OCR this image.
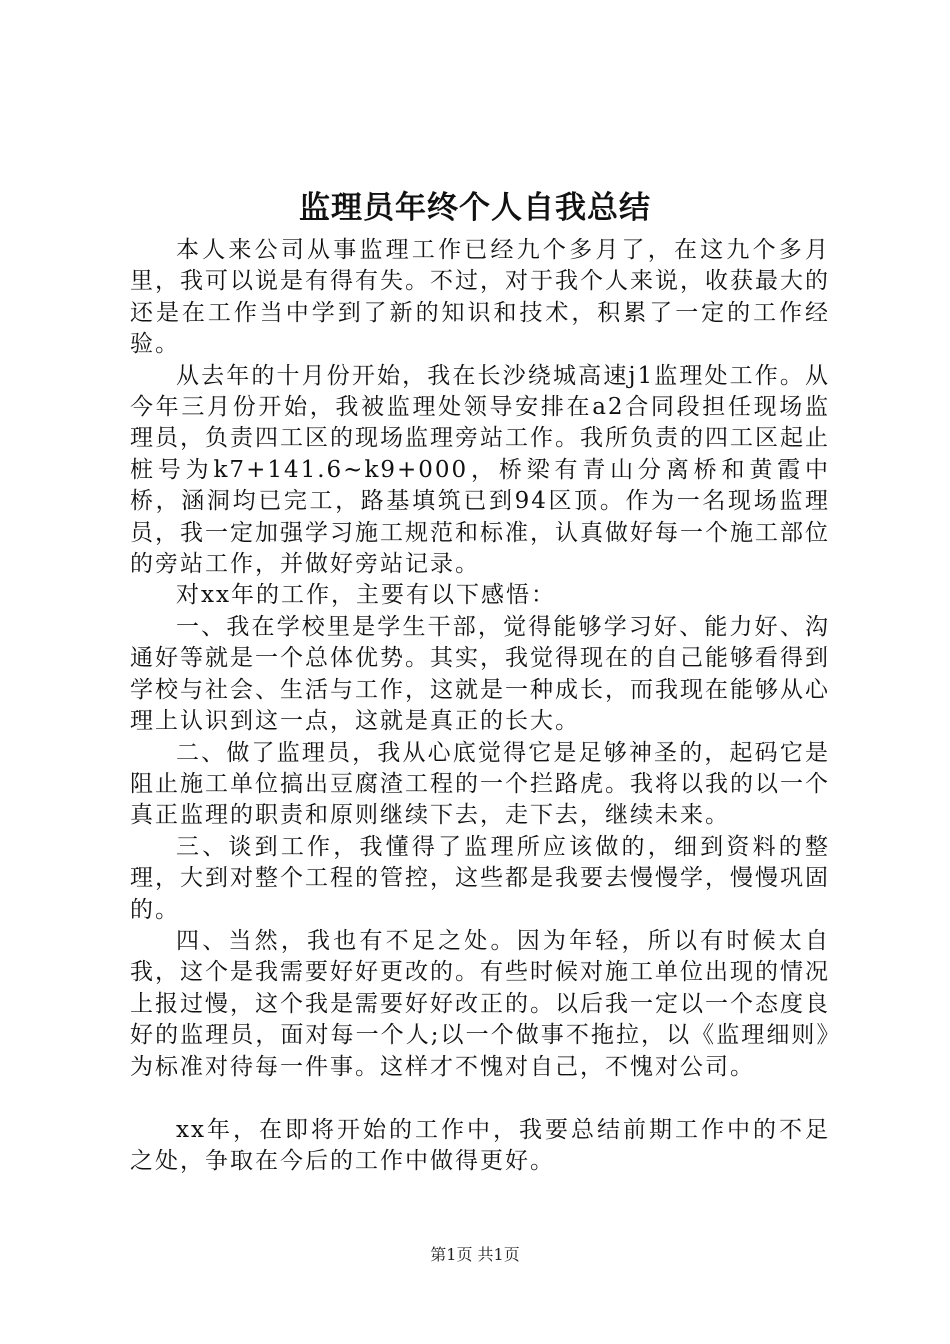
监理员年终个人自我总结

本人来公司从事监理工作已经九个多月了，在这九个多月里，我可以说是有得有失。不过，对于我个人来说，收获最大的还是在工作当中学到了新的知识和技术，积累了一定的工作经验。

从去年的十月份开始，我在长沙绕城高速j1监理处工作。从今年三月份开始，我被监理处领导安排在a2合同段担任现场监理员，负责四工区的现场监理旁站工作。我所负责的四工区起止桩号为k7+141.6~k9+000，桥梁有青山分离桥和黄霞中桥，涵洞均已完工，路基填筑已到94区顶。作为一名现场监理员，我一定加强学习施工规范和标准，认真做好每一个施工部位的旁站工作，并做好旁站记录。

对xx年的工作，主要有以下感悟：

一、我在学校里是学生干部，觉得能够学习好、能力好、沟通好等就是一个总体优势。其实，我觉得现在的自己能够看得到学校与社会、生活与工作，这就是一种成长，而我现在能够从心理上认识到这一点，这就是真正的长大。

二、做了监理员，我从心底觉得它是足够神圣的，起码它是阻止施工单位搞出豆腐渣工程的一个拦路虎。我将以我的以一个真正监理的职责和原则继续下去，走下去，继续未来。

三、谈到工作，我懂得了监理所应该做的，细到资料的整理，大到对整个工程的管控，这些都是我要去慢慢学，慢慢巩固的。

四、当然，我也有不足之处。因为年轻，所以有时候太自我，这个是我需要好好更改的。有些时候对施工单位出现的情况上报过慢，这个我是需要好好改正的。以后我一定以一个态度良好的监理员，面对每一个人;以一个做事不拖拉，以《监理细则》为标准对待每一件事。这样才不愧对自己，不愧对公司。

xx年，在即将开始的工作中，我要总结前期工作中的不足之处，争取在今后的工作中做得更好。

第1页 共1页
